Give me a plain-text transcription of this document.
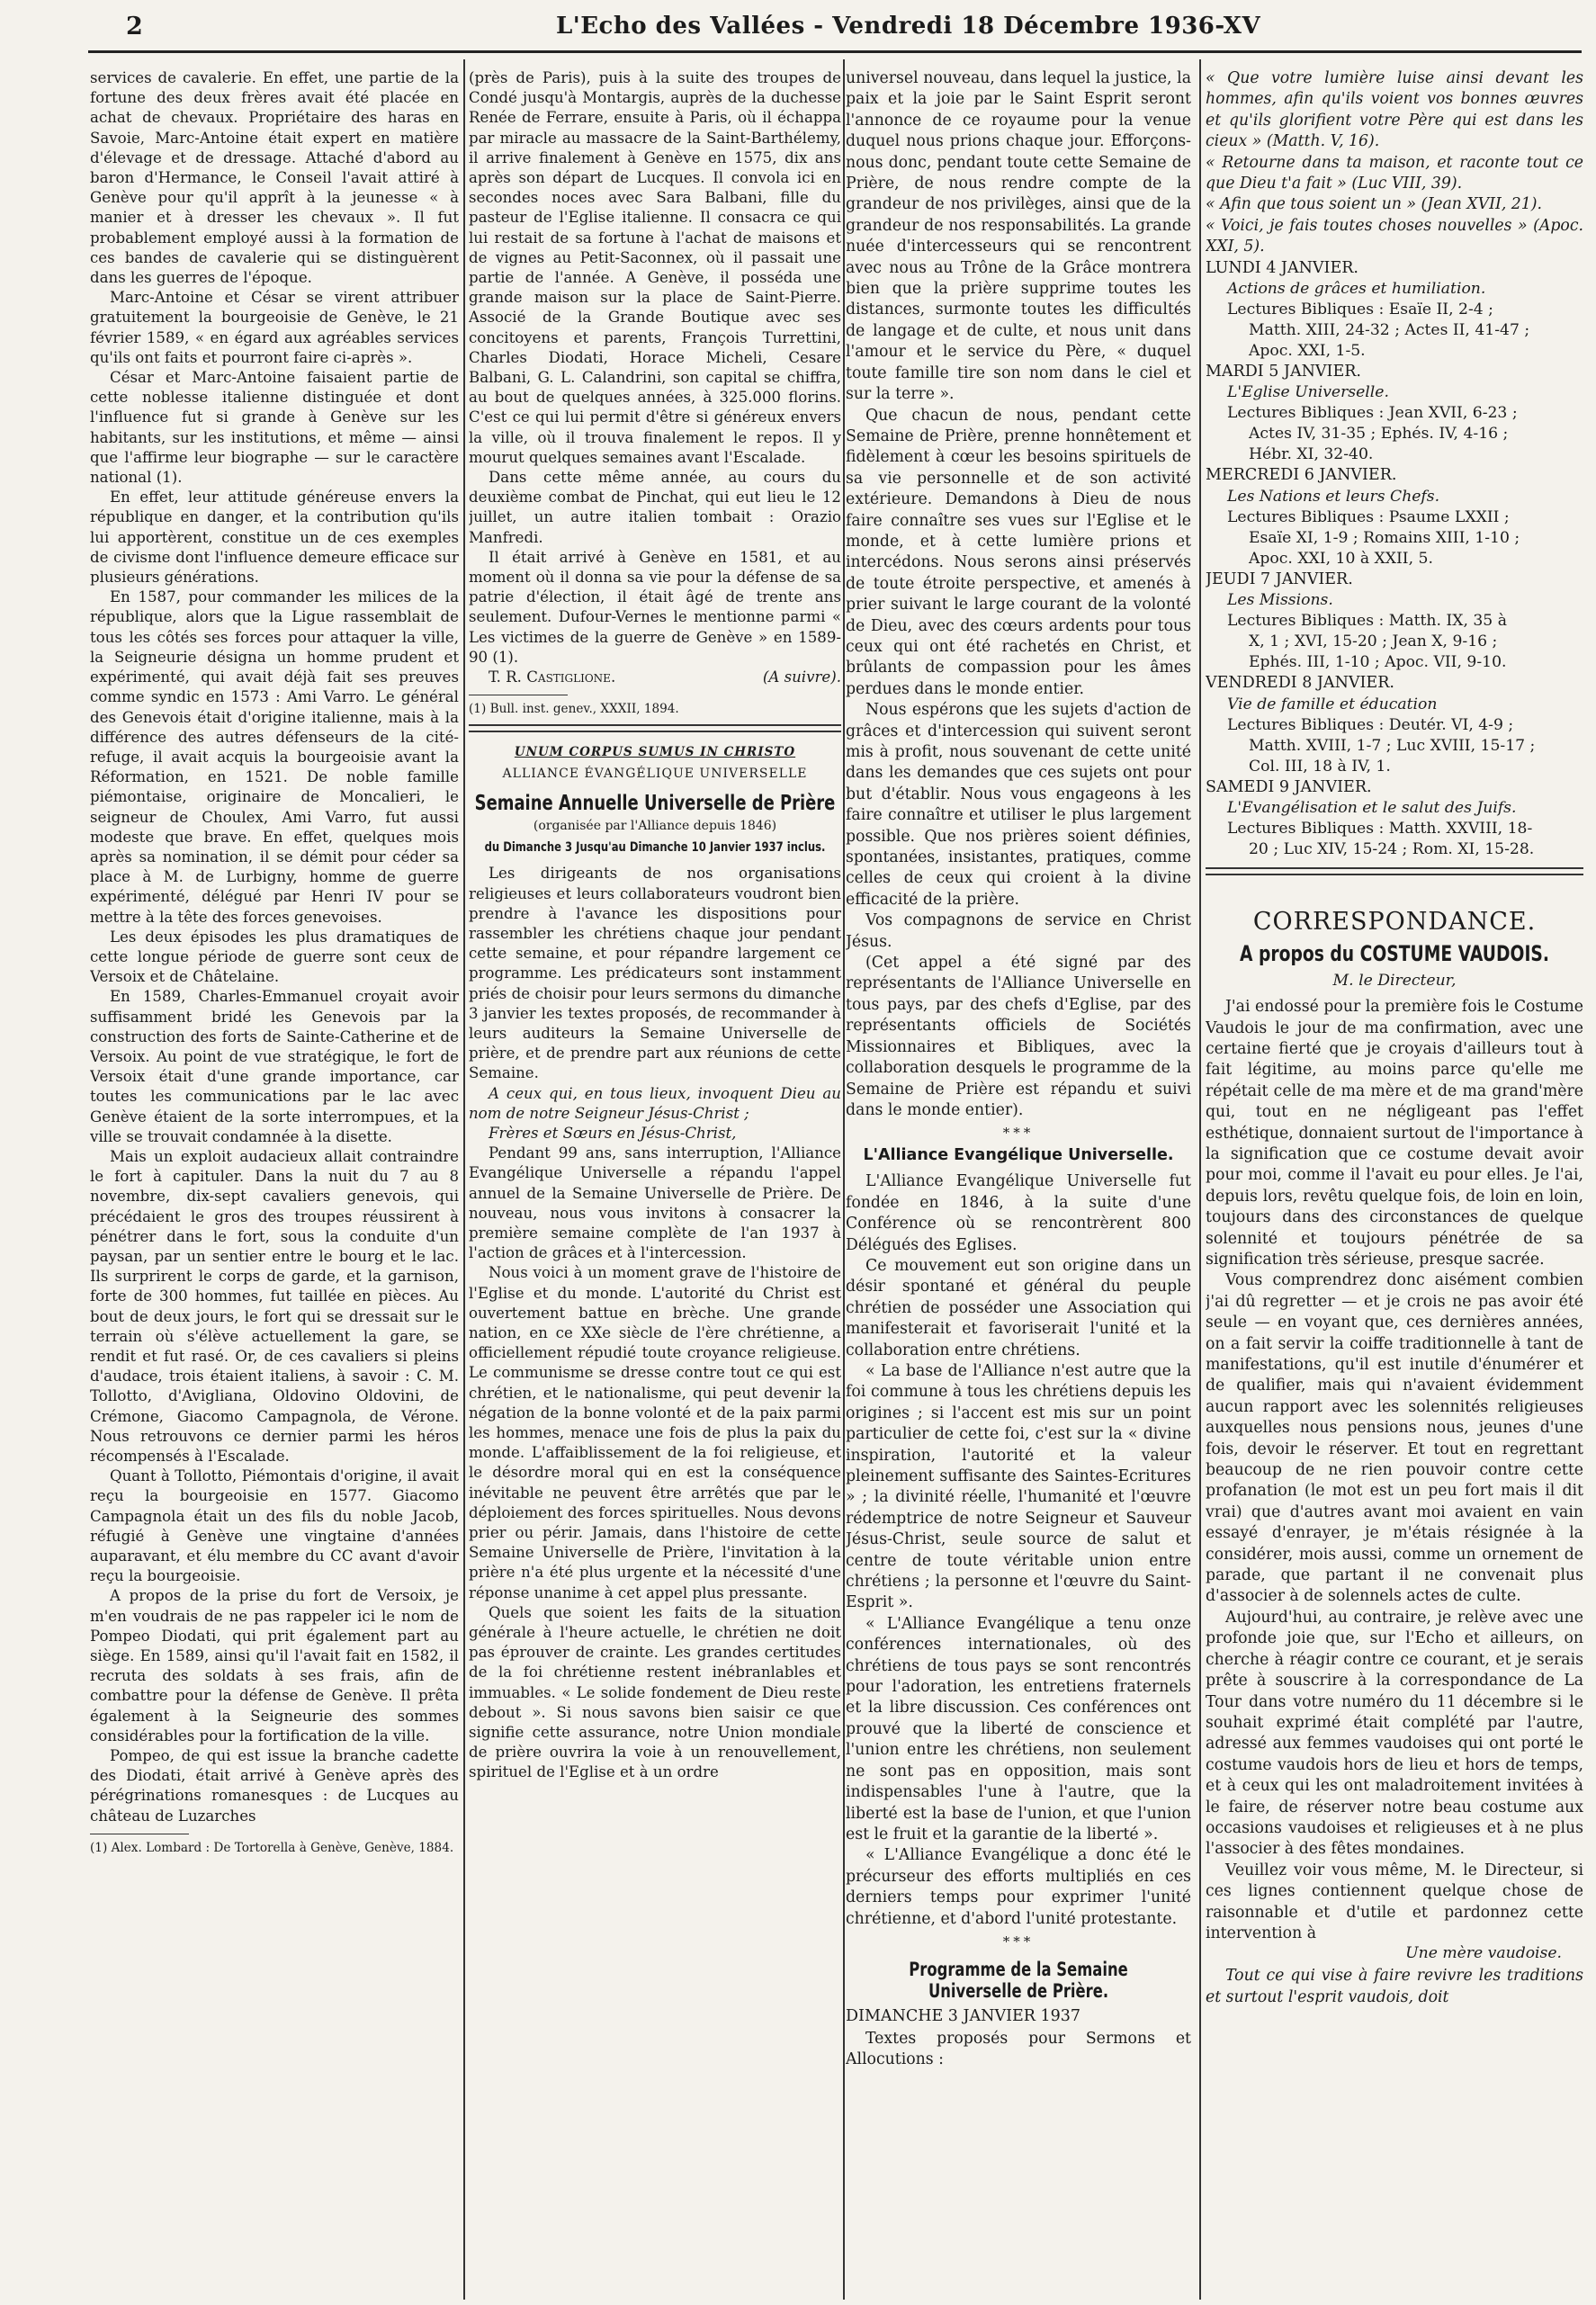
2	L'Echo des Vallées - Vendredi 18 Décembre 1936-XV

services de cavalerie. En effet, une partie de la fortune des deux frères avait été placée en achat de chevaux. Propriétaire des haras en Savoie, Marc-Antoine était expert en matière d'élevage et de dressage. Attaché d'abord au baron d'Hermance, le Conseil l'avait attiré à Genève pour qu'il apprît à la jeunesse « à manier et à dresser les chevaux ». Il fut probablement employé aussi à la formation de ces bandes de cavalerie qui se distinguèrent dans les guerres de l'époque.

Marc-Antoine et César se virent attribuer gratuitement la bourgeoisie de Genève, le 21 février 1589, « en égard aux agréables services qu'ils ont faits et pourront faire ci-après ».

César et Marc-Antoine faisaient partie de cette noblesse italienne distinguée et dont l'influence fut si grande à Genève sur les habitants, sur les institutions, et même — ainsi que l'affirme leur biographe — sur le caractère national (1).

En effet, leur attitude généreuse envers la république en danger, et la contribution qu'ils lui apportèrent, constitue un de ces exemples de civisme dont l'influence demeure efficace sur plusieurs générations.

En 1587, pour commander les milices de la république, alors que la Ligue rassemblait de tous les côtés ses forces pour attaquer la ville, la Seigneurie désigna un homme prudent et expérimenté, qui avait déjà fait ses preuves comme syndic en 1573 : Ami Varro. Le général des Genevois était d'origine italienne, mais à la différence des autres défenseurs de la cité-refuge, il avait acquis la bourgeoisie avant la Réformation, en 1521. De noble famille piémontaise, originaire de Moncalieri, le seigneur de Choulex, Ami Varro, fut aussi modeste que brave. En effet, quelques mois après sa nomination, il se démit pour céder sa place à M. de Lurbigny, homme de guerre expérimenté, délégué par Henri IV pour se mettre à la tête des forces genevoises.

Les deux épisodes les plus dramatiques de cette longue période de guerre sont ceux de Versoix et de Châtelaine.

En 1589, Charles-Emmanuel croyait avoir suffisamment bridé les Genevois par la construction des forts de Sainte-Catherine et de Versoix. Au point de vue stratégique, le fort de Versoix était d'une grande importance, car toutes les communications par le lac avec Genève étaient de la sorte interrompues, et la ville se trouvait condamnée à la disette.

Mais un exploit audacieux allait contraindre le fort à capituler. Dans la nuit du 7 au 8 novembre, dix-sept cavaliers genevois, qui précédaient le gros des troupes réussirent à pénétrer dans le fort, sous la conduite d'un paysan, par un sentier entre le bourg et le lac. Ils surprirent le corps de garde, et la garnison, forte de 300 hommes, fut taillée en pièces. Au bout de deux jours, le fort qui se dressait sur le terrain où s'élève actuellement la gare, se rendit et fut rasé. Or, de ces cavaliers si pleins d'audace, trois étaient italiens, à savoir : C. M. Tollotto, d'Avigliana, Oldovino Oldovini, de Crémone, Giacomo Campagnola, de Vérone. Nous retrouvons ce dernier parmi les héros récompensés à l'Escalade.

Quant à Tollotto, Piémontais d'origine, il avait reçu la bourgeoisie en 1577. Giacomo Campagnola était un des fils du noble Jacob, réfugié à Genève une vingtaine d'années auparavant, et élu membre du CC avant d'avoir reçu la bourgeoisie.

A propos de la prise du fort de Versoix, je m'en voudrais de ne pas rappeler ici le nom de Pompeo Diodati, qui prit également part au siège. En 1589, ainsi qu'il l'avait fait en 1582, il recruta des soldats à ses frais, afin de combattre pour la défense de Genève. Il prêta également à la Seigneurie des sommes considérables pour la fortification de la ville.

Pompeo, de qui est issue la branche cadette des Diodati, était arrivé à Genève après des pérégrinations romanesques : de Lucques au château de Luzarches

(1) Alex. Lombard : De Tortorella à Genève, Genève, 1884.

(près de Paris), puis à la suite des troupes de Condé jusqu'à Montargis, auprès de la duchesse Renée de Ferrare, ensuite à Paris, où il échappa par miracle au massacre de la Saint-Barthélemy, il arrive finalement à Genève en 1575, dix ans après son départ de Lucques. Il convola ici en secondes noces avec Sara Balbani, fille du pasteur de l'Eglise italienne. Il consacra ce qui lui restait de sa fortune à l'achat de maisons et de vignes au Petit-Saconnex, où il passait une partie de l'année. A Genève, il posséda une grande maison sur la place de Saint-Pierre. Associé de la Grande Boutique avec ses concitoyens et parents, François Turrettini, Charles Diodati, Horace Micheli, Cesare Balbani, G. L. Calandrini, son capital se chiffra, au bout de quelques années, à 325.000 florins. C'est ce qui lui permit d'être si généreux envers la ville, où il trouva finalement le repos. Il y mourut quelques semaines avant l'Escalade.

Dans cette même année, au cours du deuxième combat de Pinchat, qui eut lieu le 12 juillet, un autre italien tombait : Orazio Manfredi.

Il était arrivé à Genève en 1581, et au moment où il donna sa vie pour la défense de sa patrie d'élection, il était âgé de trente ans seulement. Dufour-Vernes le mentionne parmi « Les victimes de la guerre de Genève » en 1589-90 (1).

T. R. Castiglione.	(A suivre).

(1) Bull. inst. genev., XXXII, 1894.

UNUM CORPUS SUMUS IN CHRISTO
ALLIANCE ÉVANGÉLIQUE UNIVERSELLE
Semaine Annuelle Universelle de Prière
(organisée par l'Alliance depuis 1846)
du Dimanche 3 Jusqu'au Dimanche 10 Janvier 1937 inclus.

Les dirigeants de nos organisations religieuses et leurs collaborateurs voudront bien prendre à l'avance les dispositions pour rassembler les chrétiens chaque jour pendant cette semaine, et pour répandre largement ce programme. Les prédicateurs sont instamment priés de choisir pour leurs sermons du dimanche 3 janvier les textes proposés, de recommander à leurs auditeurs la Semaine Universelle de prière, et de prendre part aux réunions de cette Semaine.

A ceux qui, en tous lieux, invoquent Dieu au nom de notre Seigneur Jésus-Christ ;

Frères et Sœurs en Jésus-Christ,

Pendant 99 ans, sans interruption, l'Alliance Evangélique Universelle a répandu l'appel annuel de la Semaine Universelle de Prière. De nouveau, nous vous invitons à consacrer la première semaine complète de l'an 1937 à l'action de grâces et à l'intercession.

Nous voici à un moment grave de l'histoire de l'Eglise et du monde. L'autorité du Christ est ouvertement battue en brèche. Une grande nation, en ce XXe siècle de l'ère chrétienne, a officiellement répudié toute croyance religieuse. Le communisme se dresse contre tout ce qui est chrétien, et le nationalisme, qui peut devenir la négation de la bonne volonté et de la paix parmi les hommes, menace une fois de plus la paix du monde. L'affaiblissement de la foi religieuse, et le désordre moral qui en est la conséquence inévitable ne peuvent être arrêtés que par le déploiement des forces spirituelles. Nous devons prier ou périr. Jamais, dans l'histoire de cette Semaine Universelle de Prière, l'invitation à la prière n'a été plus urgente et la nécessité d'une réponse unanime à cet appel plus pressante.

Quels que soient les faits de la situation générale à l'heure actuelle, le chrétien ne doit pas éprouver de crainte. Les grandes certitudes de la foi chrétienne restent inébranlables et immuables. « Le solide fondement de Dieu reste debout ». Si nous savons bien saisir ce que signifie cette assurance, notre Union mondiale de prière ouvrira la voie à un renouvellement, spirituel de l'Eglise et à un ordre

universel nouveau, dans lequel la justice, la paix et la joie par le Saint Esprit seront l'annonce de ce royaume pour la venue duquel nous prions chaque jour. Efforçons-nous donc, pendant toute cette Semaine de Prière, de nous rendre compte de la grandeur de nos privilèges, ainsi que de la grandeur de nos responsabilités. La grande nuée d'intercesseurs qui se rencontrent avec nous au Trône de la Grâce montrera bien que la prière supprime toutes les distances, surmonte toutes les difficultés de langage et de culte, et nous unit dans l'amour et le service du Père, « duquel toute famille tire son nom dans le ciel et sur la terre ».

Que chacun de nous, pendant cette Semaine de Prière, prenne honnêtement et fidèlement à cœur les besoins spirituels de sa vie personnelle et de son activité extérieure. Demandons à Dieu de nous faire connaître ses vues sur l'Eglise et le monde, et à cette lumière prions et intercédons. Nous serons ainsi préservés de toute étroite perspective, et amenés à prier suivant le large courant de la volonté de Dieu, avec des cœurs ardents pour tous ceux qui ont été rachetés en Christ, et brûlants de compassion pour les âmes perdues dans le monde entier.

Nous espérons que les sujets d'action de grâces et d'intercession qui suivent seront mis à profit, nous souvenant de cette unité dans les demandes que ces sujets ont pour but d'établir. Nous vous engageons à les faire connaître et utiliser le plus largement possible. Que nos prières soient définies, spontanées, insistantes, pratiques, comme celles de ceux qui croient à la divine efficacité de la prière.

Vos compagnons de service en Christ Jésus.

(Cet appel a été signé par des représentants de l'Alliance Universelle en tous pays, par des chefs d'Eglise, par des représentants officiels de Sociétés Missionnaires et Bibliques, avec la collaboration desquels le programme de la Semaine de Prière est répandu et suivi dans le monde entier).

***
L'Alliance Evangélique Universelle.

L'Alliance Evangélique Universelle fut fondée en 1846, à la suite d'une Conférence où se rencontrèrent 800 Délégués des Eglises.

Ce mouvement eut son origine dans un désir spontané et général du peuple chrétien de posséder une Association qui manifesterait et favoriserait l'unité et la collaboration entre chrétiens.

« La base de l'Alliance n'est autre que la foi commune à tous les chrétiens depuis les origines ; si l'accent est mis sur un point particulier de cette foi, c'est sur la « divine inspiration, l'autorité et la valeur pleinement suffisante des Saintes-Ecritures » ; la divinité réelle, l'humanité et l'œuvre rédemptrice de notre Seigneur et Sauveur Jésus-Christ, seule source de salut et centre de toute véritable union entre chrétiens ; la personne et l'œuvre du Saint-Esprit ».

« L'Alliance Evangélique a tenu onze conférences internationales, où des chrétiens de tous pays se sont rencontrés pour l'adoration, les entretiens fraternels et la libre discussion. Ces conférences ont prouvé que la liberté de conscience et l'union entre les chrétiens, non seulement ne sont pas en opposition, mais sont indispensables l'une à l'autre, que la liberté est la base de l'union, et que l'union est le fruit et la garantie de la liberté ».

« L'Alliance Evangélique a donc été le précurseur des efforts multipliés en ces derniers temps pour exprimer l'unité chrétienne, et d'abord l'unité protestante.

***
Programme de la Semaine Universelle de Prière.
DIMANCHE 3 JANVIER 1937

Textes proposés pour Sermons et Allocutions :

« Que votre lumière luise ainsi devant les hommes, afin qu'ils voient vos bonnes œuvres et qu'ils glorifient votre Père qui est dans les cieux » (Matth. V, 16).

« Retourne dans ta maison, et raconte tout ce que Dieu t'a fait » (Luc VIII, 39).

« Afin que tous soient un » (Jean XVII, 21).

« Voici, je fais toutes choses nouvelles » (Apoc. XXI, 5).

LUNDI 4 JANVIER.
Actions de grâces et humiliation.
Lectures Bibliques : Esaïe II, 2-4 ;
Matth. XIII, 24-32 ; Actes II, 41-47 ;
Apoc. XXI, 1-5.
MARDI 5 JANVIER.
L'Eglise Universelle.
Lectures Bibliques : Jean XVII, 6-23 ;
Actes IV, 31-35 ; Ephés. IV, 4-16 ;
Hébr. XI, 32-40.
MERCREDI 6 JANVIER.
Les Nations et leurs Chefs.
Lectures Bibliques : Psaume LXXII ;
Esaïe XI, 1-9 ; Romains XIII, 1-10 ;
Apoc. XXI, 10 à XXII, 5.
JEUDI 7 JANVIER.
Les Missions.
Lectures Bibliques : Matth. IX, 35 à
X, 1 ; XVI, 15-20 ; Jean X, 9-16 ;
Ephés. III, 1-10 ; Apoc. VII, 9-10.
VENDREDI 8 JANVIER.
Vie de famille et éducation
Lectures Bibliques : Deutér. VI, 4-9 ;
Matth. XVIII, 1-7 ; Luc XVIII, 15-17 ;
Col. III, 18 à IV, 1.
SAMEDI 9 JANVIER.
L'Evangélisation et le salut des Juifs.
Lectures Bibliques : Matth. XXVIII, 18-
20 ; Luc XIV, 15-24 ; Rom. XI, 15-28.
CORRESPONDANCE.
A propos du COSTUME VAUDOIS.
M. le Directeur,

J'ai endossé pour la première fois le Costume Vaudois le jour de ma confirmation, avec une certaine fierté que je croyais d'ailleurs tout à fait légitime, au moins parce qu'elle me répétait celle de ma mère et de ma grand'mère qui, tout en ne négligeant pas l'effet esthétique, donnaient surtout de l'importance à la signification que ce costume devait avoir pour moi, comme il l'avait eu pour elles. Je l'ai, depuis lors, revêtu quelque fois, de loin en loin, toujours dans des circonstances de quelque solennité et toujours pénétrée de sa signification très sérieuse, presque sacrée.

Vous comprendrez donc aisément combien j'ai dû regretter — et je crois ne pas avoir été seule — en voyant que, ces dernières années, on a fait servir la coiffe traditionnelle à tant de manifestations, qu'il est inutile d'énumérer et de qualifier, mais qui n'avaient évidemment aucun rapport avec les solennités religieuses auxquelles nous pensions nous, jeunes d'une fois, devoir le réserver. Et tout en regrettant beaucoup de ne rien pouvoir contre cette profanation (le mot est un peu fort mais il dit vrai) que d'autres avant moi avaient en vain essayé d'enrayer, je m'étais résignée à la considérer, mois aussi, comme un ornement de parade, que partant il ne convenait plus d'associer à de solennels actes de culte.

Aujourd'hui, au contraire, je relève avec une profonde joie que, sur l'Echo et ailleurs, on cherche à réagir contre ce courant, et je serais prête à souscrire à la correspondance de La Tour dans votre numéro du 11 décembre si le souhait exprimé était complété par l'autre, adressé aux femmes vaudoises qui ont porté le costume vaudois hors de lieu et hors de temps, et à ceux qui les ont maladroitement invitées à le faire, de réserver notre beau costume aux occasions vaudoises et religieuses et à ne plus l'associer à des fêtes mondaines.

Veuillez voir vous même, M. le Directeur, si ces lignes contiennent quelque chose de raisonnable et d'utile et pardonnez cette intervention à

Une mère vaudoise.

Tout ce qui vise à faire revivre les traditions et surtout l'esprit vaudois, doit
